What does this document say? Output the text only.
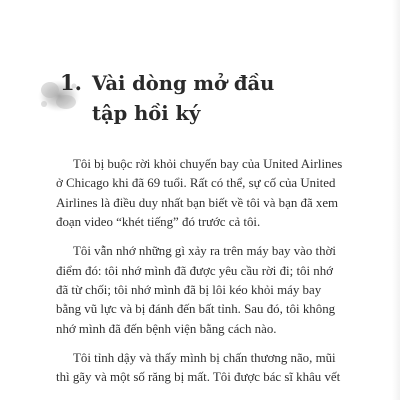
1. Vài dòng mở đầu
tập hồi ký

Tôi bị buộc rời khỏi chuyến bay của United Airlines
ở Chicago khi đã 69 tuổi. Rất có thể, sự cố của United
Airlines là điều duy nhất bạn biết về tôi và bạn đã xem
đoạn video “khét tiếng” đó trước cả tôi.

Tôi vẫn nhớ những gì xảy ra trên máy bay vào thời
điểm đó: tôi nhớ mình đã được yêu cầu rời đi; tôi nhớ
đã từ chối; tôi nhớ mình đã bị lôi kéo khỏi máy bay
bằng vũ lực và bị đánh đến bất tỉnh. Sau đó, tôi không
nhớ mình đã đến bệnh viện bằng cách nào.

Tôi tỉnh dậy và thấy mình bị chấn thương não, mũi
thì gãy và một số răng bị mất. Tôi được bác sĩ khâu vết
